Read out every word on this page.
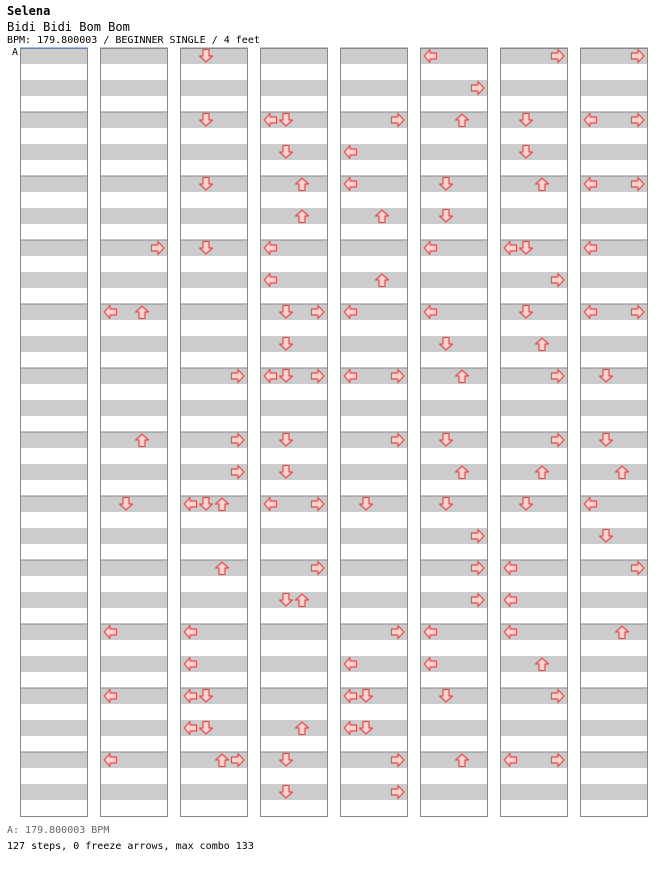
Selena
Bidi Bidi Bom Bom
BPM: 179.800003 / BEGINNER SINGLE / 4 feet
A
A: 179.800003 BPM
127 steps, 0 freeze arrows, max combo 133
